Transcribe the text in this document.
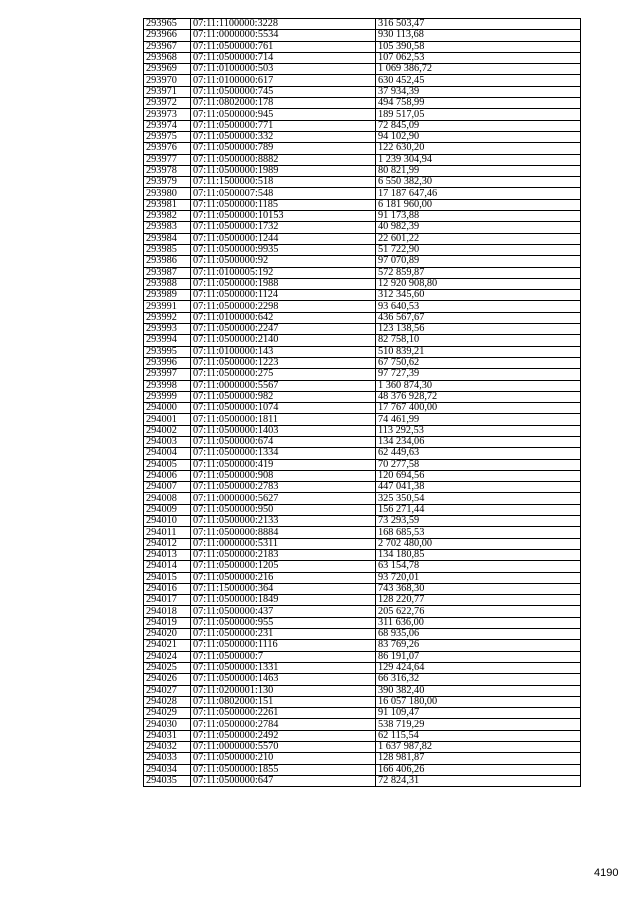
293965	07:11:1100000:3228	316 503,47
293966	07:11:0000000:5534	930 113,68
293967	07:11:0500000:761	105 390,58
293968	07:11:0500000:714	107 062,53
293969	07:11:0100000:503	1 069 386,72
293970	07:11:0100000:617	630 452,45
293971	07:11:0500000:745	37 934,39
293972	07:11:0802000:178	494 758,99
293973	07:11:0500000:945	189 517,05
293974	07:11:0500000:771	72 845,09
293975	07:11:0500000:332	94 102,90
293976	07:11:0500000:789	122 630,20
293977	07:11:0500000:8882	1 239 304,94
293978	07:11:0500000:1989	80 821,99
293979	07:11:1500000:518	6 550 382,30
293980	07:11:0500007:548	17 187 647,46
293981	07:11:0500000:1185	6 181 960,00
293982	07:11:0500000:10153	91 173,88
293983	07:11:0500000:1732	40 982,39
293984	07:11:0500000:1244	22 601,22
293985	07:11:0500000:9935	51 722,90
293986	07:11:0500000:92	97 070,89
293987	07:11:0100005:192	572 859,87
293988	07:11:0500000:1988	12 920 908,80
293989	07:11:0500000:1124	312 345,60
293991	07:11:0500000:2298	93 640,53
293992	07:11:0100000:642	436 567,67
293993	07:11:0500000:2247	123 138,56
293994	07:11:0500000:2140	82 758,10
293995	07:11:0100000:143	510 839,21
293996	07:11:0500000:1223	67 750,62
293997	07:11:0500000:275	97 727,39
293998	07:11:0000000:5567	1 360 874,30
293999	07:11:0500000:982	48 376 928,72
294000	07:11:0500000:1074	17 767 400,00
294001	07:11:0500000:1811	74 461,99
294002	07:11:0500000:1403	113 292,53
294003	07:11:0500000:674	134 234,06
294004	07:11:0500000:1334	62 449,63
294005	07:11:0500000:419	70 277,58
294006	07:11:0500000:908	120 694,56
294007	07:11:0500000:2783	447 041,38
294008	07:11:0000000:5627	325 350,54
294009	07:11:0500000:950	156 271,44
294010	07:11:0500000:2133	73 293,59
294011	07:11:0500000:8884	168 685,53
294012	07:11:0000000:5311	2 702 480,00
294013	07:11:0500000:2183	134 180,85
294014	07:11:0500000:1205	63 154,78
294015	07:11:0500000:216	93 720,01
294016	07:11:1500000:364	743 368,30
294017	07:11:0500000:1849	128 220,77
294018	07:11:0500000:437	205 622,76
294019	07:11:0500000:955	311 636,00
294020	07:11:0500000:231	68 935,06
294021	07:11:0500000:1116	83 769,26
294024	07:11:0500000:7	86 191,07
294025	07:11:0500000:1331	129 424,64
294026	07:11:0500000:1463	66 316,32
294027	07:11:0200001:130	390 382,40
294028	07:11:0802000:151	16 057 180,00
294029	07:11:0500000:2261	91 109,47
294030	07:11:0500000:2784	538 719,29
294031	07:11:0500000:2492	62 115,54
294032	07:11:0000000:5570	1 637 987,82
294033	07:11:0500000:210	128 981,87
294034	07:11:0500000:1855	166 406,26
294035	07:11:0500000:647	72 824,31
4190
